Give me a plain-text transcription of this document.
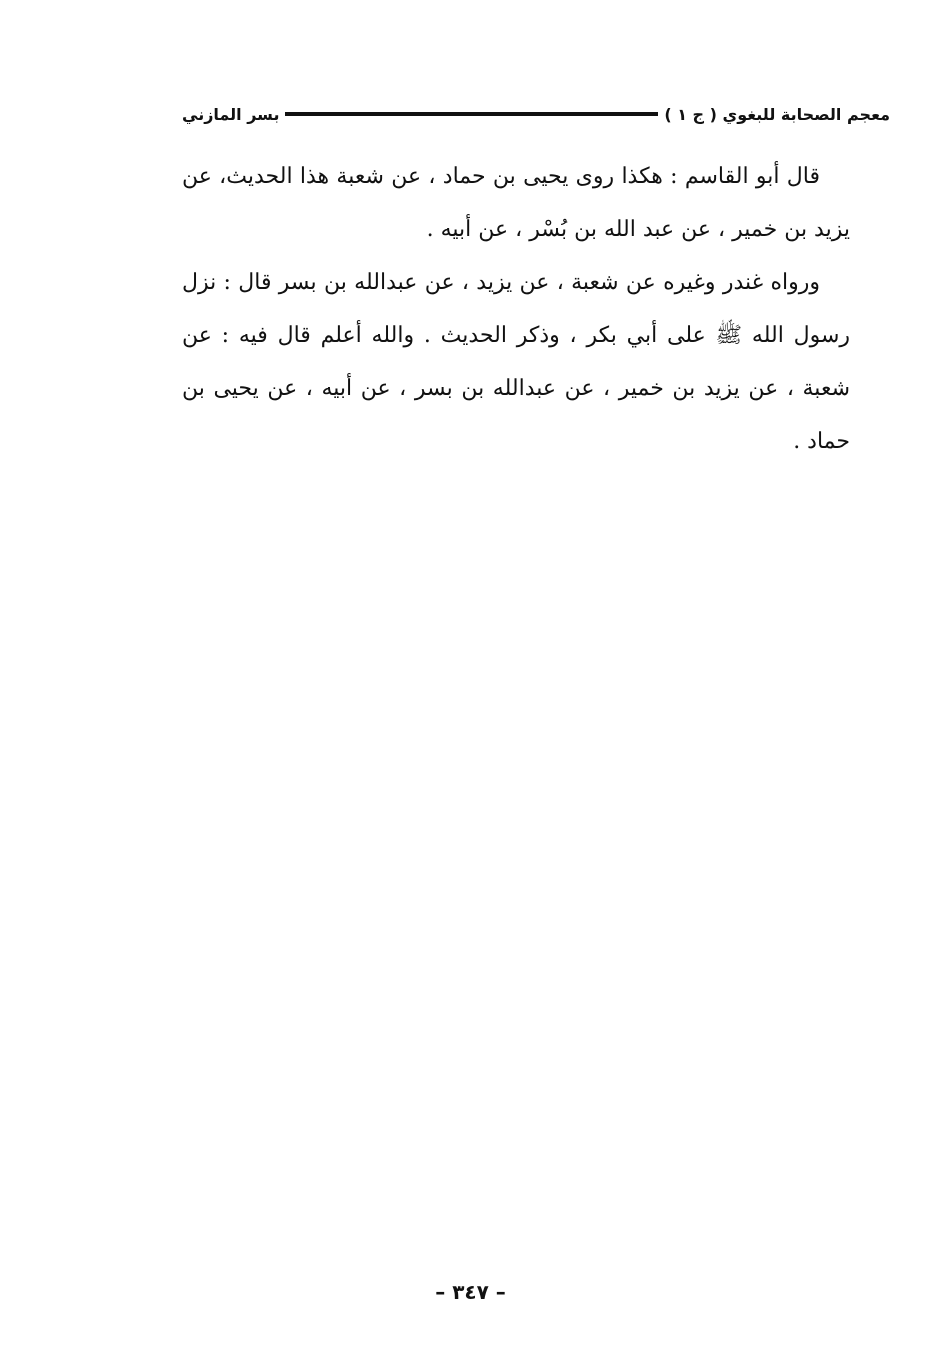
معجم الصحابة للبغوي ( ج ١ )
بسر المازني

قال أبو القاسم : هكذا روى يحيى بن حماد ، عن شعبة هذا الحديث، عن يزيد بن خمير ، عن عبد الله بن بُسْر ، عن أبيه .

ورواه غندر وغيره عن شعبة ، عن يزيد ، عن عبدالله بن بسر قال : نزل رسول الله ﷺ على أبي بكر ، وذكر الحديث . والله أعلم قال فيه : عن شعبة ، عن يزيد بن خمير ، عن عبدالله بن بسر ، عن أبيه ، عن يحيى بن حماد .

– ٣٤٧ –
